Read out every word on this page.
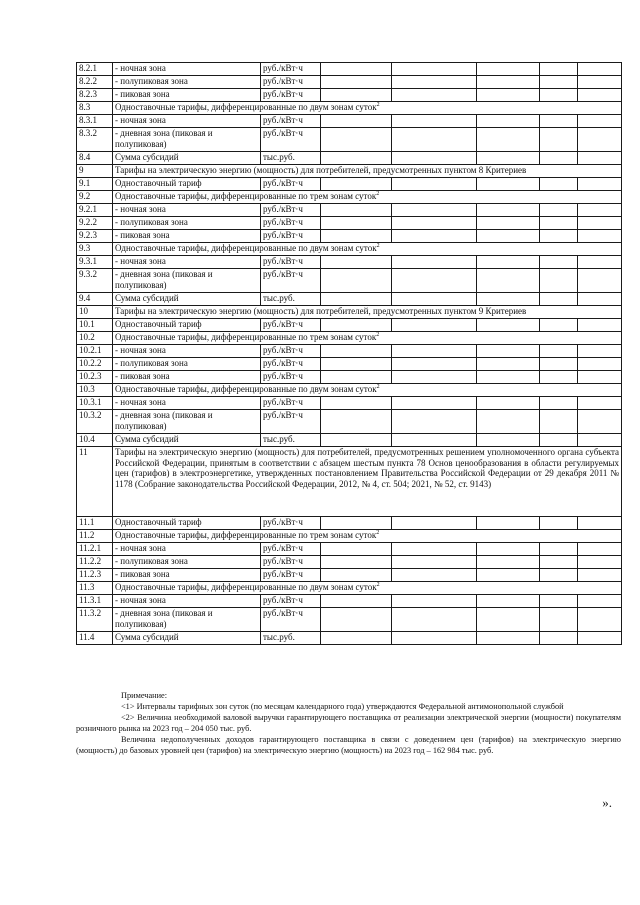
8.2.1	- ночная зона	руб./кВт·ч					
8.2.2	- полупиковая зона	руб./кВт·ч					
8.2.3	- пиковая зона	руб./кВт·ч					
8.3	Одноставочные тарифы, дифференцированные по двум зонам суток$^2$
8.3.1	- ночная зона	руб./кВт·ч					
8.3.2	- дневная зона (пиковая и полупиковая)	руб./кВт·ч					
8.4	Сумма субсидий	тыс.руб.					
9	Тарифы на электрическую энергию (мощность) для потребителей, предусмотренных пунктом 8 Критериев						
9.1	Одноставочный тариф	руб./кВт·ч					
9.2	Одноставочные тарифы, дифференцированные по трем зонам суток$^2$
9.2.1	- ночная зона	руб./кВт·ч					
9.2.2	- полупиковая зона	руб./кВт·ч					
9.2.3	- пиковая зона	руб./кВт·ч					
9.3	Одноставочные тарифы, дифференцированные по двум зонам суток$^2$
9.3.1	- ночная зона	руб./кВт·ч					
9.3.2	- дневная зона (пиковая и полупиковая)	руб./кВт·ч					
9.4	Сумма субсидий	тыс.руб.					
10	Тарифы на электрическую энергию (мощность) для потребителей, предусмотренных пунктом 9 Критериев						
10.1	Одноставочный тариф	руб./кВт·ч					
10.2	Одноставочные тарифы, дифференцированные по трем зонам суток$^2$
10.2.1	- ночная зона	руб./кВт·ч					
10.2.2	- полупиковая зона	руб./кВт·ч					
10.2.3	- пиковая зона	руб./кВт·ч					
10.3	Одноставочные тарифы, дифференцированные по двум зонам суток$^2$
10.3.1	- ночная зона	руб./кВт·ч					
10.3.2	- дневная зона (пиковая и полупиковая)	руб./кВт·ч					
10.4	Сумма субсидий	тыс.руб.					
11	Тарифы на электрическую энергию (мощность) для потребителей, предусмотренных решением уполномоченного органа субъекта Российской Федерации, принятым в соответствии с абзацем шестым пункта 78 Основ ценообразования в области регулируемых цен (тарифов) в электроэнергетике, утвержденных постановлением Правительства Российской Федерации от 29 декабря 2011 № 1178 (Собрание законодательства Российской Федерации, 2012, № 4, ст. 504; 2021, № 52, ст. 9143)						
11.1	Одноставочный тариф	руб./кВт·ч					
11.2	Одноставочные тарифы, дифференцированные по трем зонам суток$^2$
11.2.1	- ночная зона	руб./кВт·ч					
11.2.2	- полупиковая зона	руб./кВт·ч					
11.2.3	- пиковая зона	руб./кВт·ч					
11.3	Одноставочные тарифы, дифференцированные по двум зонам суток$^2$
11.3.1	- ночная зона	руб./кВт·ч					
11.3.2	- дневная зона (пиковая и полупиковая)	руб./кВт·ч					
11.4	Сумма субсидий	тыс.руб.					

Примечание:

<1> Интервалы тарифных зон суток (по месяцам календарного года) утверждаются Федеральной антимонопольной службой

<2> Величина необходимой валовой выручки гарантирующего поставщика от реализации электрической энергии (мощности) покупателям розничного рынка на 2023 год – 204 050 тыс. руб.

Величина недополученных доходов гарантирующего поставщика в связи с доведением цен (тарифов) на электрическую энергию (мощность) до базовых уровней цен (тарифов) на электрическую энергию (мощность) на 2023 год – 162 984 тыс. руб.

».
